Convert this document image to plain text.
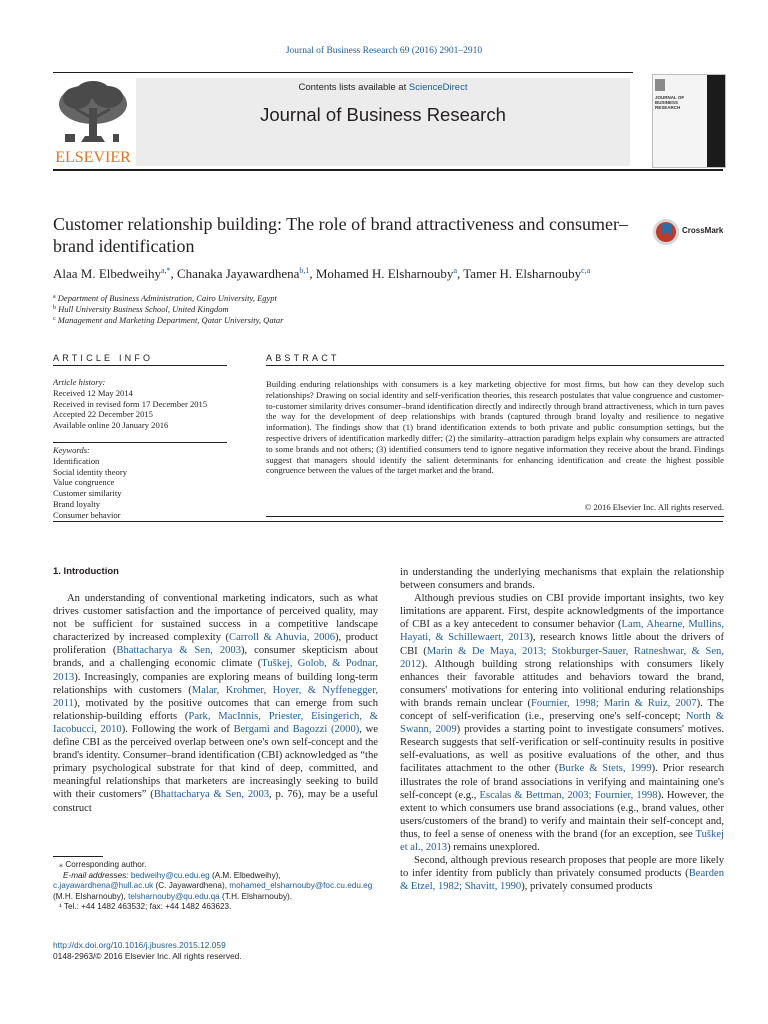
Journal of Business Research 69 (2016) 2901–2910
ELSEVIER
Contents lists available at ScienceDirect
Journal of Business Research
JOURNAL OF BUSINESS RESEARCH
Customer relationship building: The role of brand attractiveness and consumer–brand identification
CrossMark
Alaa M. Elbedweihy$^{a,*}$, Chanaka Jayawardhena$^{b,1}$, Mohamed H. Elsharnouby$^a$, Tamer H. Elsharnouby$^{c,a}$
$^a$ Department of Business Administration, Cairo University, Egypt
$^b$ Hull University Business School, United Kingdom
$^c$ Management and Marketing Department, Qatar University, Qatar
ARTICLE INFO	ABSTRACT
Article history:
Received 12 May 2014
Received in revised form 17 December 2015
Accepted 22 December 2015
Available online 20 January 2016
Keywords:
Identification
Social identity theory
Value congruence
Customer similarity
Brand loyalty
Consumer behavior
Building enduring relationships with consumers is a key marketing objective for most firms, but how can they develop such relationships? Drawing on social identity and self-verification theories, this research postulates that value congruence and customer-to-customer similarity drives consumer–brand identification directly and indirectly through brand attractiveness, which in turn paves the way for the development of deep relationships with brands (captured through brand loyalty and resilience to negative information). The findings show that (1) brand identification extends to both private and public consumption settings, but the respective drivers of identification markedly differ; (2) the similarity–attraction paradigm helps explain why consumers are attracted to some brands and not others; (3) identified consumers tend to ignore negative information they receive about the brand. Findings suggest that managers should identify the salient determinants for enhancing identification and create the highest possible congruence between the values of the target market and the brand.
© 2016 Elsevier Inc. All rights reserved.
1. Introduction

An understanding of conventional marketing indicators, such as what drives customer satisfaction and the importance of perceived quality, may not be sufficient for sustained success in a competitive landscape characterized by increased complexity (Carroll & Ahuvia, 2006), product proliferation (Bhattacharya & Sen, 2003), consumer skepticism about brands, and a challenging economic climate (Tuškej, Golob, & Podnar, 2013). Increasingly, companies are exploring means of building long-term relationships with customers (Malar, Krohmer, Hoyer, & Nyffenegger, 2011), motivated by the positive outcomes that can emerge from such relationship-building efforts (Park, MacInnis, Priester, Eisingerich, & Iacobucci, 2010). Following the work of Bergami and Bagozzi (2000), we define CBI as the perceived overlap between one's own self-concept and the brand's identity. Consumer–brand identification (CBI) acknowledged as “the primary psychological substrate for that kind of deep, committed, and meaningful relationships that marketers are increasingly seeking to build with their customers” (Bhattacharya & Sen, 2003, p. 76), may be a useful construct

in understanding the underlying mechanisms that explain the relationship between consumers and brands.

Although previous studies on CBI provide important insights, two key limitations are apparent. First, despite acknowledgments of the importance of CBI as a key antecedent to consumer behavior (Lam, Ahearne, Mullins, Hayati, & Schillewaert, 2013), research knows little about the drivers of CBI (Marin & De Maya, 2013; Stokburger-Sauer, Ratneshwar, & Sen, 2012). Although building strong relationships with consumers likely enhances their favorable attitudes and behaviors toward the brand, consumers' motivations for entering into volitional enduring relationships with brands remain unclear (Fournier, 1998; Marin & Ruiz, 2007). The concept of self-verification (i.e., preserving one's self-concept; North & Swann, 2009) provides a starting point to investigate consumers' motives. Research suggests that self-verification or self-continuity results in positive self-evaluations, as well as positive evaluations of the other, and thus facilitates attachment to the other (Burke & Stets, 1999). Prior research illustrates the role of brand associations in verifying and maintaining one's self-concept (e.g., Escalas & Bettman, 2003; Fournier, 1998). However, the extent to which consumers use brand associations (e.g., brand values, other users/customers of the brand) to verify and maintain their self-concept and, thus, to feel a sense of oneness with the brand (for an exception, see Tuškej et al., 2013) remains unexplored.

Second, although previous research proposes that people are more likely to infer identity from publicly than privately consumed products (Bearden & Etzel, 1982; Shavitt, 1990), privately consumed products

⁎ Corresponding author.
E-mail addresses: bedweihy@cu.edu.eg (A.M. Elbedweihy),
c.jayawardhena@hull.ac.uk (C. Jayawardhena), mohamed_elsharnouby@foc.cu.edu.eg
(M.H. Elsharnouby), telsharnouby@qu.edu.qa (T.H. Elsharnouby).
¹ Tel.: +44 1482 463532; fax: +44 1482 463623.
http://dx.doi.org/10.1016/j.jbusres.2015.12.059
0148-2963/© 2016 Elsevier Inc. All rights reserved.
